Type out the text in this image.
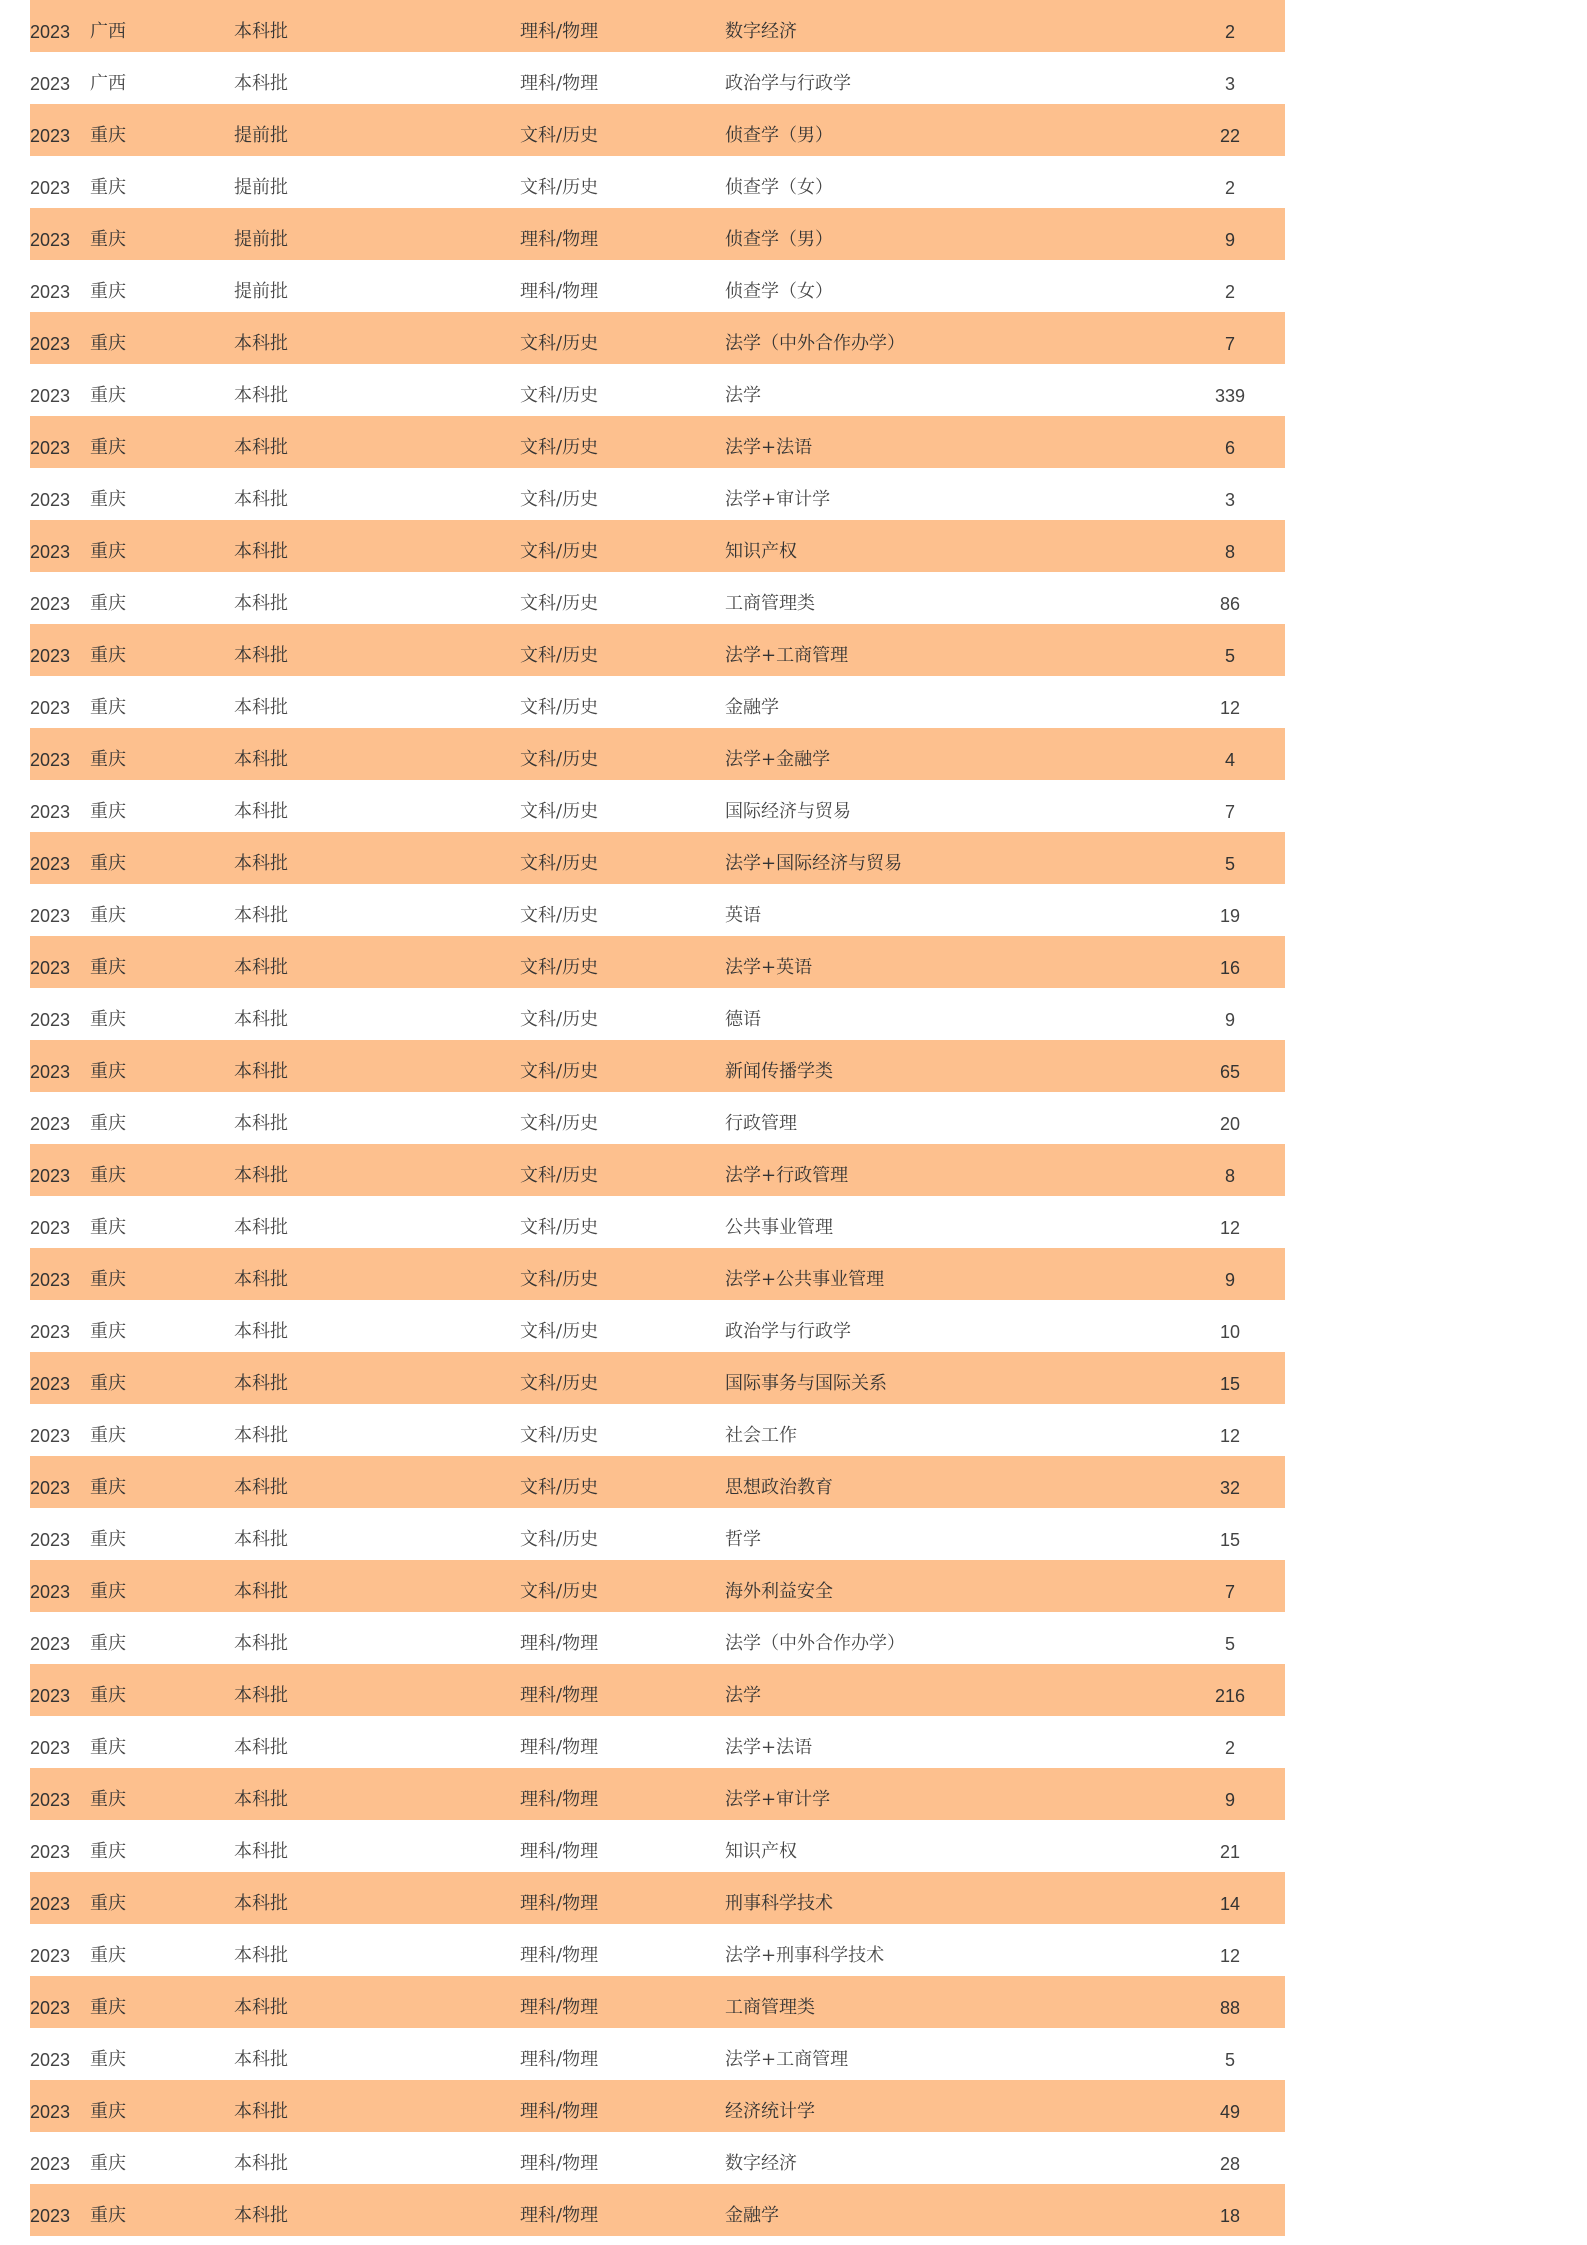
2023 广西	本科批	理科/物理	数字经济	2
2023 广西	本科批	理科/物理	政治学与行政学	3
2023 重庆	提前批	文科/历史	侦查学（男）	22
2023 重庆	提前批	文科/历史	侦查学（女）	2
2023 重庆	提前批	理科/物理	侦查学（男）	9
2023 重庆	提前批	理科/物理	侦查学（女）	2
2023 重庆	本科批	文科/历史	法学（中外合作办学）	7
2023 重庆	本科批	文科/历史	法学	339
2023 重庆	本科批	文科/历史	法学+法语	6
2023 重庆	本科批	文科/历史	法学+审计学	3
2023 重庆	本科批	文科/历史	知识产权	8
2023 重庆	本科批	文科/历史	工商管理类	86
2023 重庆	本科批	文科/历史	法学+工商管理	5
2023 重庆	本科批	文科/历史	金融学	12
2023 重庆	本科批	文科/历史	法学+金融学	4
2023 重庆	本科批	文科/历史	国际经济与贸易	7
2023 重庆	本科批	文科/历史	法学+国际经济与贸易	5
2023 重庆	本科批	文科/历史	英语	19
2023 重庆	本科批	文科/历史	法学+英语	16
2023 重庆	本科批	文科/历史	德语	9
2023 重庆	本科批	文科/历史	新闻传播学类	65
2023 重庆	本科批	文科/历史	行政管理	20
2023 重庆	本科批	文科/历史	法学+行政管理	8
2023 重庆	本科批	文科/历史	公共事业管理	12
2023 重庆	本科批	文科/历史	法学+公共事业管理	9
2023 重庆	本科批	文科/历史	政治学与行政学	10
2023 重庆	本科批	文科/历史	国际事务与国际关系	15
2023 重庆	本科批	文科/历史	社会工作	12
2023 重庆	本科批	文科/历史	思想政治教育	32
2023 重庆	本科批	文科/历史	哲学	15
2023 重庆	本科批	文科/历史	海外利益安全	7
2023 重庆	本科批	理科/物理	法学（中外合作办学）	5
2023 重庆	本科批	理科/物理	法学	216
2023 重庆	本科批	理科/物理	法学+法语	2
2023 重庆	本科批	理科/物理	法学+审计学	9
2023 重庆	本科批	理科/物理	知识产权	21
2023 重庆	本科批	理科/物理	刑事科学技术	14
2023 重庆	本科批	理科/物理	法学+刑事科学技术	12
2023 重庆	本科批	理科/物理	工商管理类	88
2023 重庆	本科批	理科/物理	法学+工商管理	5
2023 重庆	本科批	理科/物理	经济统计学	49
2023 重庆	本科批	理科/物理	数字经济	28
2023 重庆	本科批	理科/物理	金融学	18
